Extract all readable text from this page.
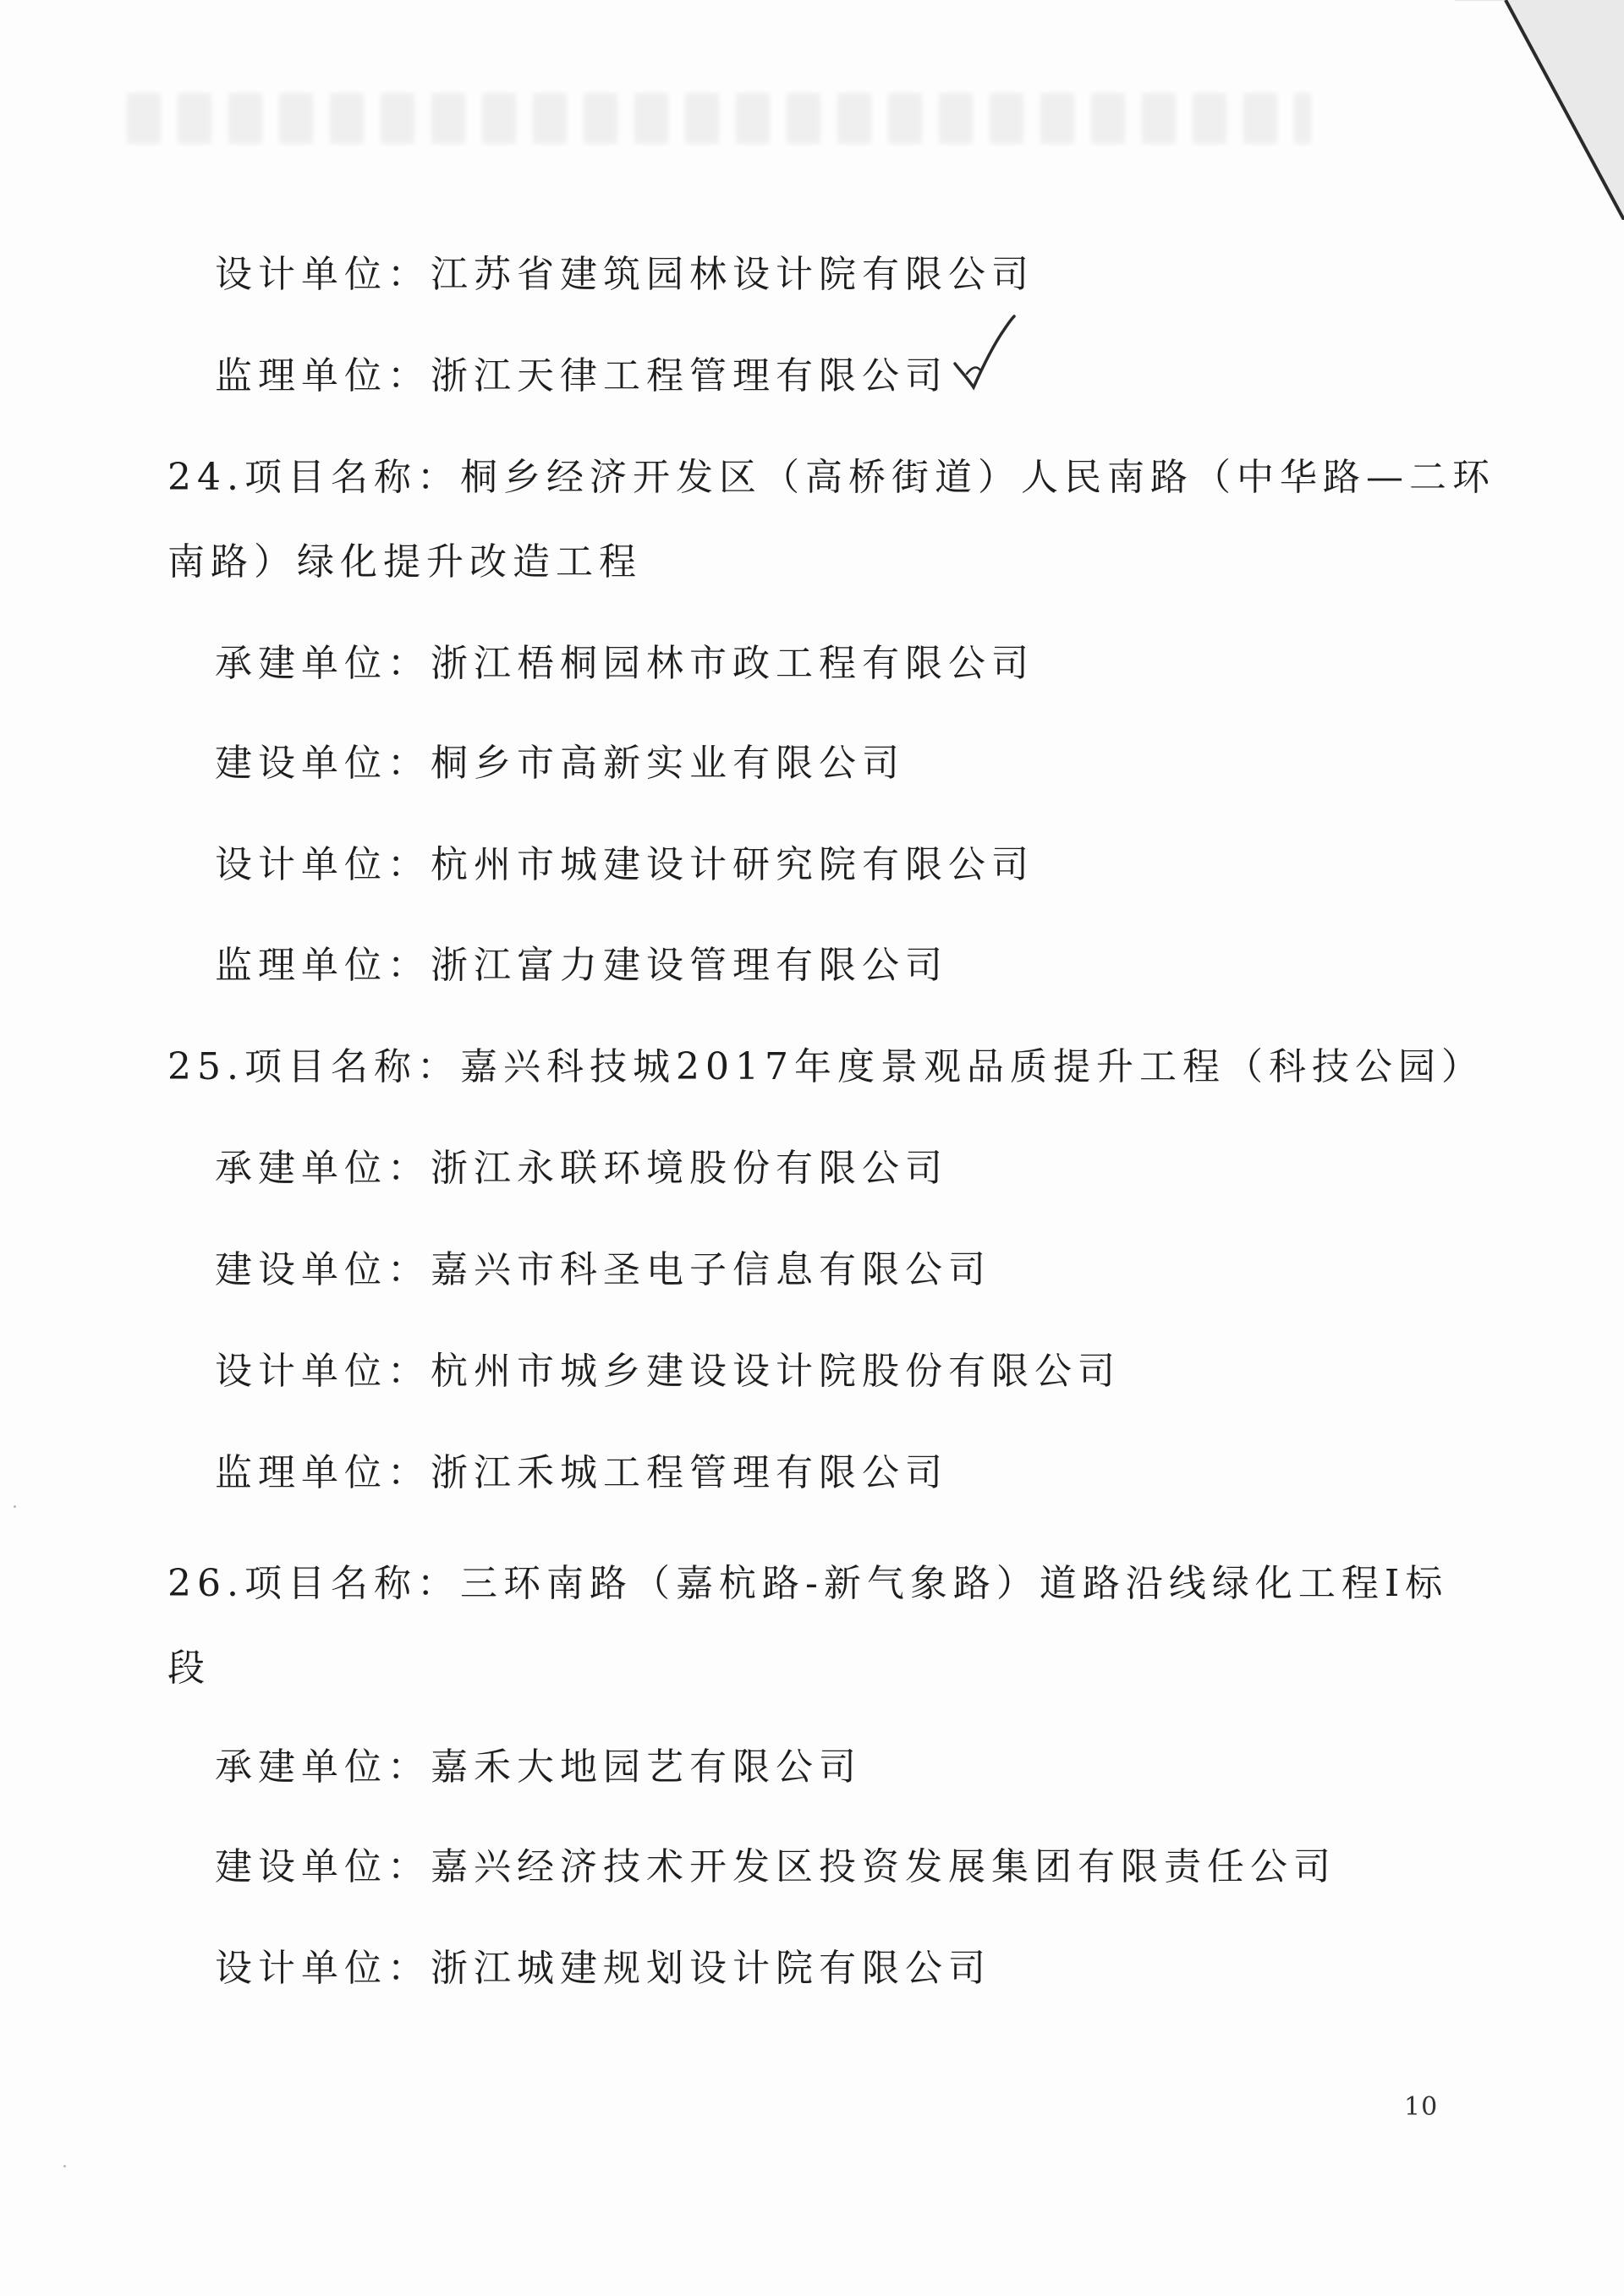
设计单位：江苏省建筑园林设计院有限公司
监理单位：浙江天律工程管理有限公司
24.项目名称：桐乡经济开发区（高桥街道）人民南路（中华路—二环
南路）绿化提升改造工程
承建单位：浙江梧桐园林市政工程有限公司
建设单位：桐乡市高新实业有限公司
设计单位：杭州市城建设计研究院有限公司
监理单位：浙江富力建设管理有限公司
25.项目名称：嘉兴科技城2017年度景观品质提升工程（科技公园）
承建单位：浙江永联环境股份有限公司
建设单位：嘉兴市科圣电子信息有限公司
设计单位：杭州市城乡建设设计院股份有限公司
监理单位：浙江禾城工程管理有限公司
26.项目名称：三环南路（嘉杭路-新气象路）道路沿线绿化工程Ⅰ标
段
承建单位：嘉禾大地园艺有限公司
建设单位：嘉兴经济技术开发区投资发展集团有限责任公司
设计单位：浙江城建规划设计院有限公司
10
